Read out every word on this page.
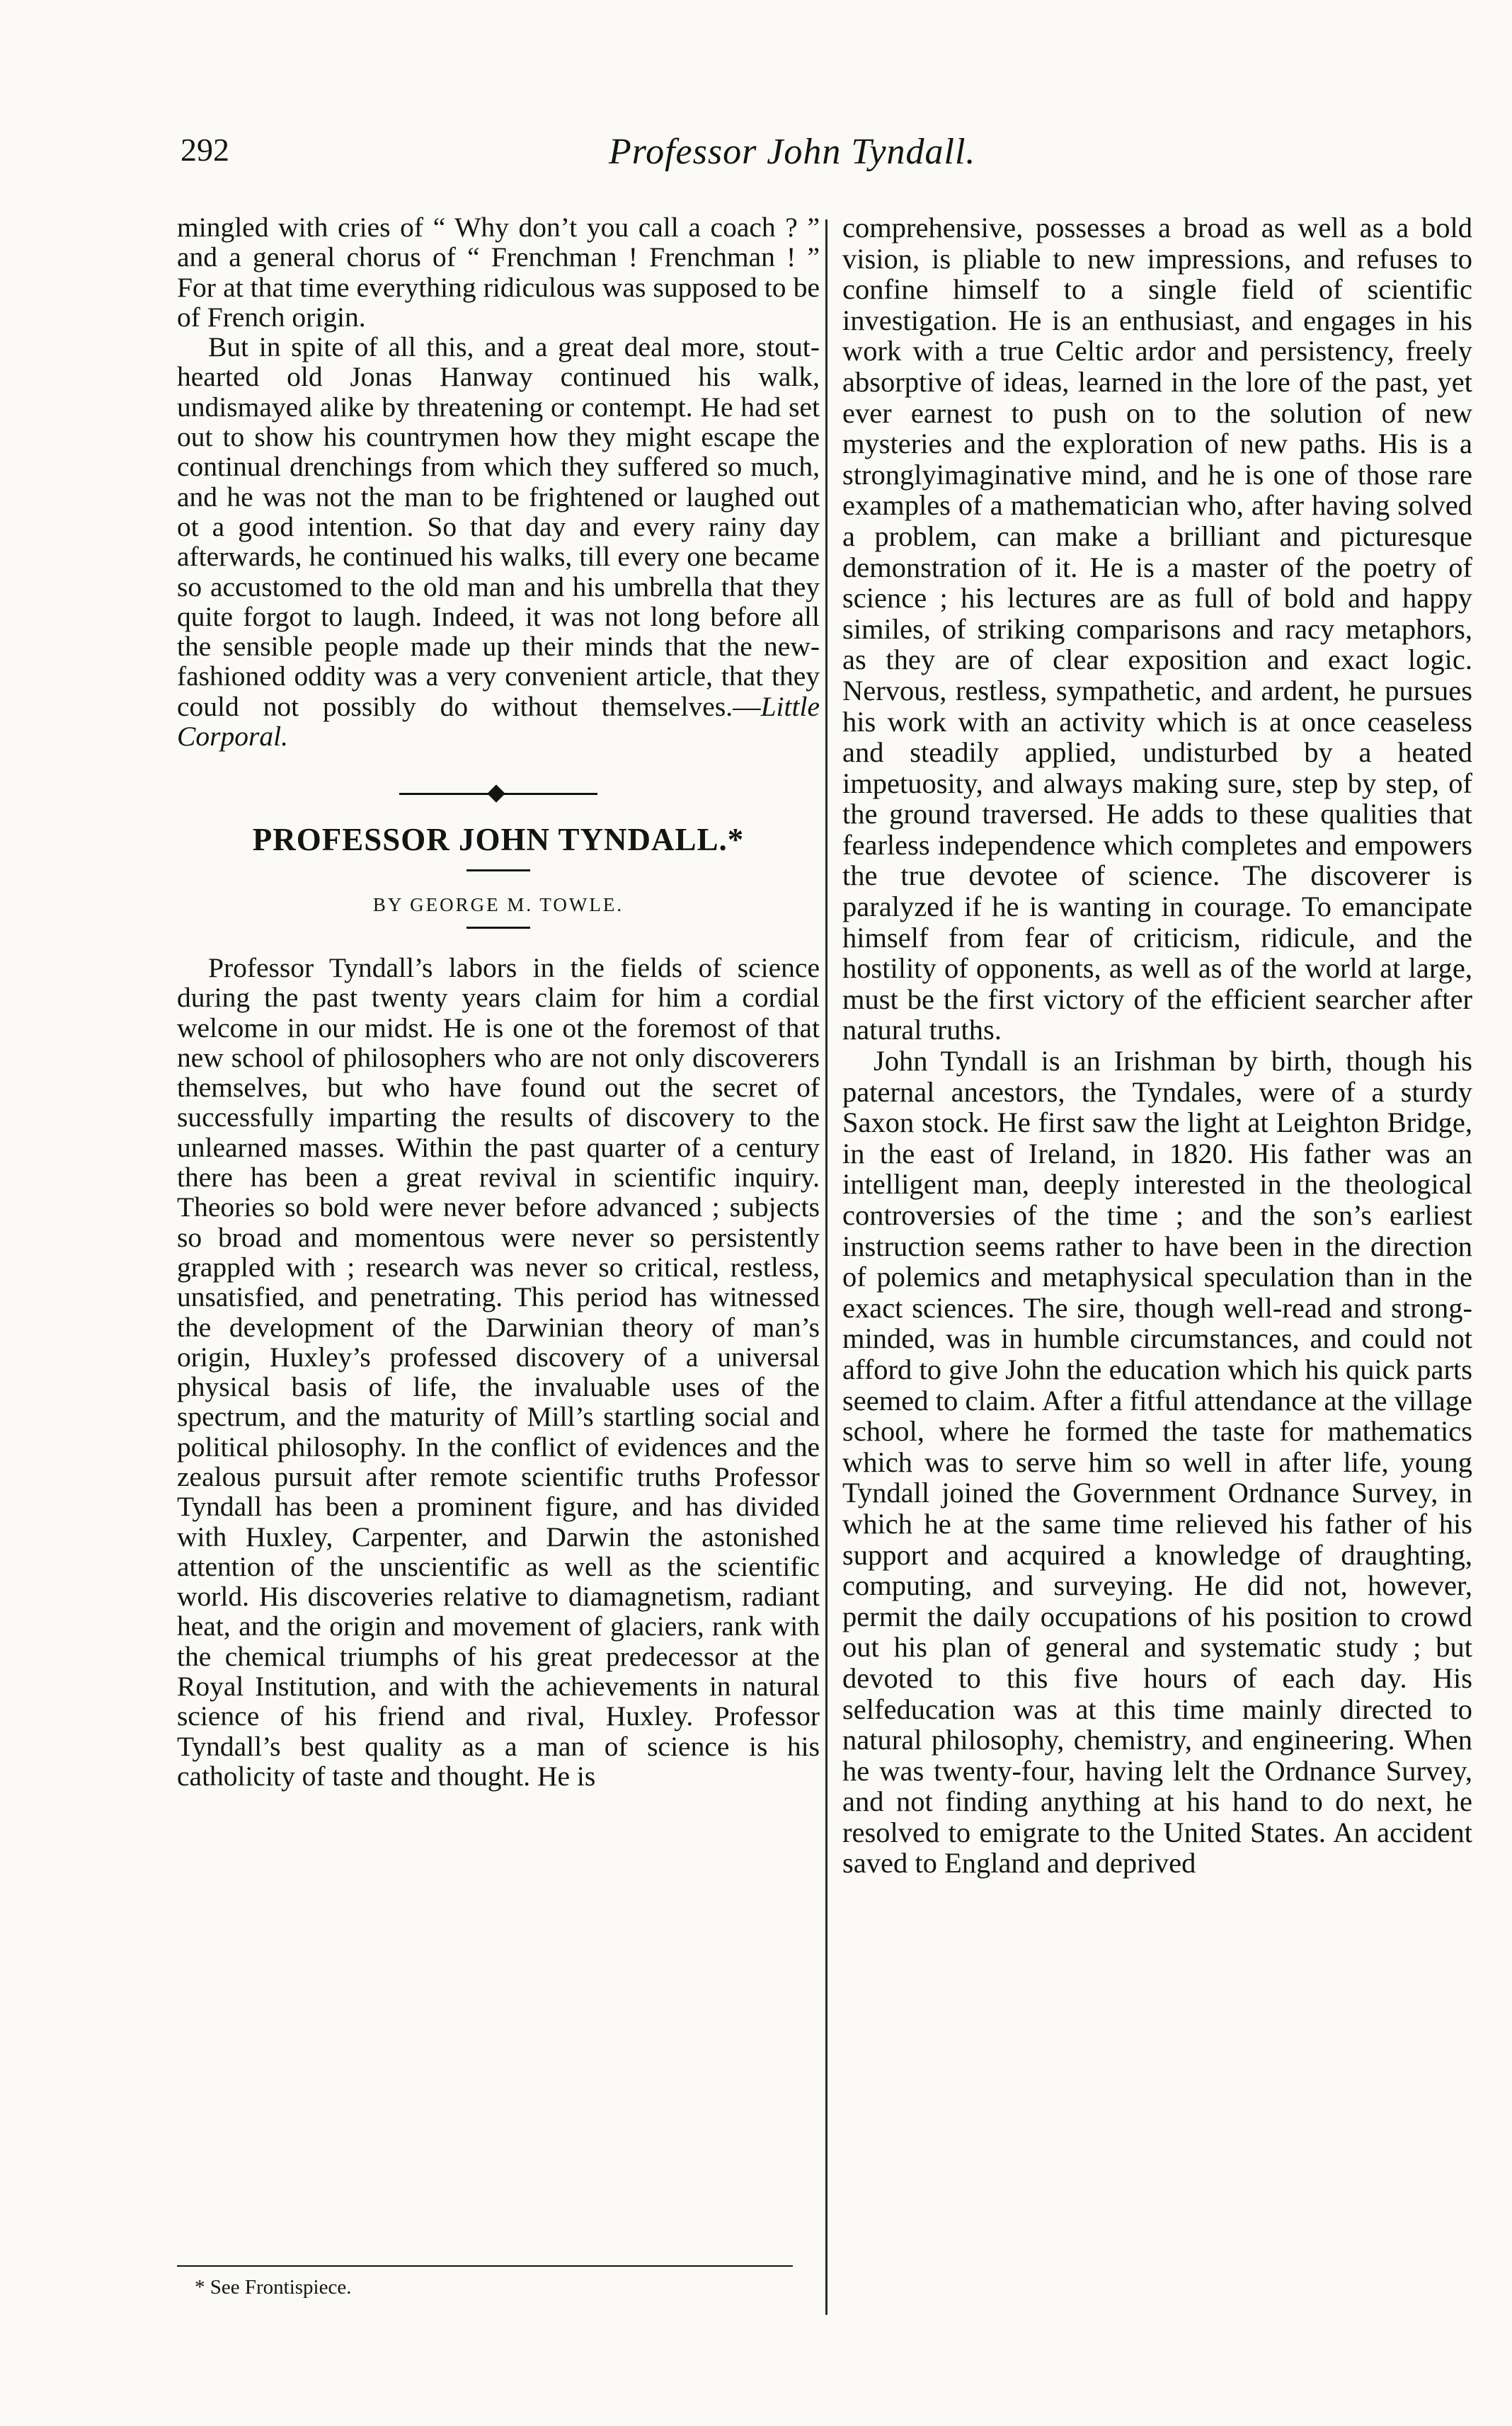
292	Professor John Tyndall.

mingled with cries of “ Why don’t you call a coach ? ” and a general chorus of “ Frenchman ! Frenchman ! ” For at that time everything ridiculous was supposed to be of French origin.

But in spite of all this, and a great deal more, stout-hearted old Jonas Hanway continued his walk, undismayed alike by threatening or contempt. He had set out to show his countrymen how they might escape the continual drenchings from which they suffered so much, and he was not the man to be frightened or laughed out ot a good intention. So that day and every rainy day afterwards, he continued his walks, till every one became so accustomed to the old man and his umbrella that they quite forgot to laugh. Indeed, it was not long before all the sensible people made up their minds that the new-fashioned oddity was a very convenient article, that they could not possibly do without themselves.—Little Corporal.

PROFESSOR JOHN TYNDALL.*

BY GEORGE M. TOWLE.

Professor Tyndall’s labors in the fields of science during the past twenty years claim for him a cordial welcome in our midst. He is one ot the foremost of that new school of philosophers who are not only discoverers themselves, but who have found out the secret of successfully imparting the results of discovery to the unlearned masses. Within the past quarter of a century there has been a great revival in scientific inquiry. Theories so bold were never before advanced ; subjects so broad and momentous were never so persistently grappled with ; research was never so critical, restless, unsatisfied, and penetrating. This period has witnessed the development of the Darwinian theory of man’s origin, Huxley’s professed discovery of a universal physical basis of life, the invaluable uses of the spectrum, and the maturity of Mill’s startling social and political philosophy. In the conflict of evidences and the zealous pursuit after remote scientific truths Professor Tyndall has been a prominent figure, and has divided with Huxley, Carpenter, and Darwin the astonished attention of the unscientific as well as the scientific world. His discoveries relative to diamagnetism, radiant heat, and the origin and movement of glaciers, rank with the chemical triumphs of his great predecessor at the Royal Institution, and with the achievements in natural science of his friend and rival, Huxley. Professor Tyndall’s best quality as a man of science is his catholicity of taste and thought. He is

comprehensive, possesses a broad as well as a bold vision, is pliable to new impressions, and refuses to confine himself to a single field of scientific investigation. He is an enthusiast, and engages in his work with a true Celtic ardor and persistency, freely absorptive of ideas, learned in the lore of the past, yet ever earnest to push on to the solution of new mysteries and the exploration of new paths. His is a stronglyimaginative mind, and he is one of those rare examples of a mathematician who, after having solved a problem, can make a brilliant and picturesque demonstration of it. He is a master of the poetry of science ; his lectures are as full of bold and happy similes, of striking comparisons and racy metaphors, as they are of clear exposition and exact logic. Nervous, restless, sympathetic, and ardent, he pursues his work with an activity which is at once ceaseless and steadily applied, undisturbed by a heated impetuosity, and always making sure, step by step, of the ground traversed. He adds to these qualities that fearless independence which completes and empowers the true devotee of science. The discoverer is paralyzed if he is wanting in courage. To emancipate himself from fear of criticism, ridicule, and the hostility of opponents, as well as of the world at large, must be the first victory of the efficient searcher after natural truths.

John Tyndall is an Irishman by birth, though his paternal ancestors, the Tyndales, were of a sturdy Saxon stock. He first saw the light at Leighton Bridge, in the east of Ireland, in 1820. His father was an intelligent man, deeply interested in the theological controversies of the time ; and the son’s earliest instruction seems rather to have been in the direction of polemics and metaphysical speculation than in the exact sciences. The sire, though well-read and strong-minded, was in humble circumstances, and could not afford to give John the education which his quick parts seemed to claim. After a fitful attendance at the village school, where he formed the taste for mathematics which was to serve him so well in after life, young Tyndall joined the Government Ordnance Survey, in which he at the same time relieved his father of his support and acquired a knowledge of draughting, computing, and surveying. He did not, however, permit the daily occupations of his position to crowd out his plan of general and systematic study ; but devoted to this five hours of each day. His selfeducation was at this time mainly directed to natural philosophy, chemistry, and engineering. When he was twenty-four, having lelt the Ordnance Survey, and not finding anything at his hand to do next, he resolved to emigrate to the United States. An accident saved to England and deprived

* See Frontispiece.
